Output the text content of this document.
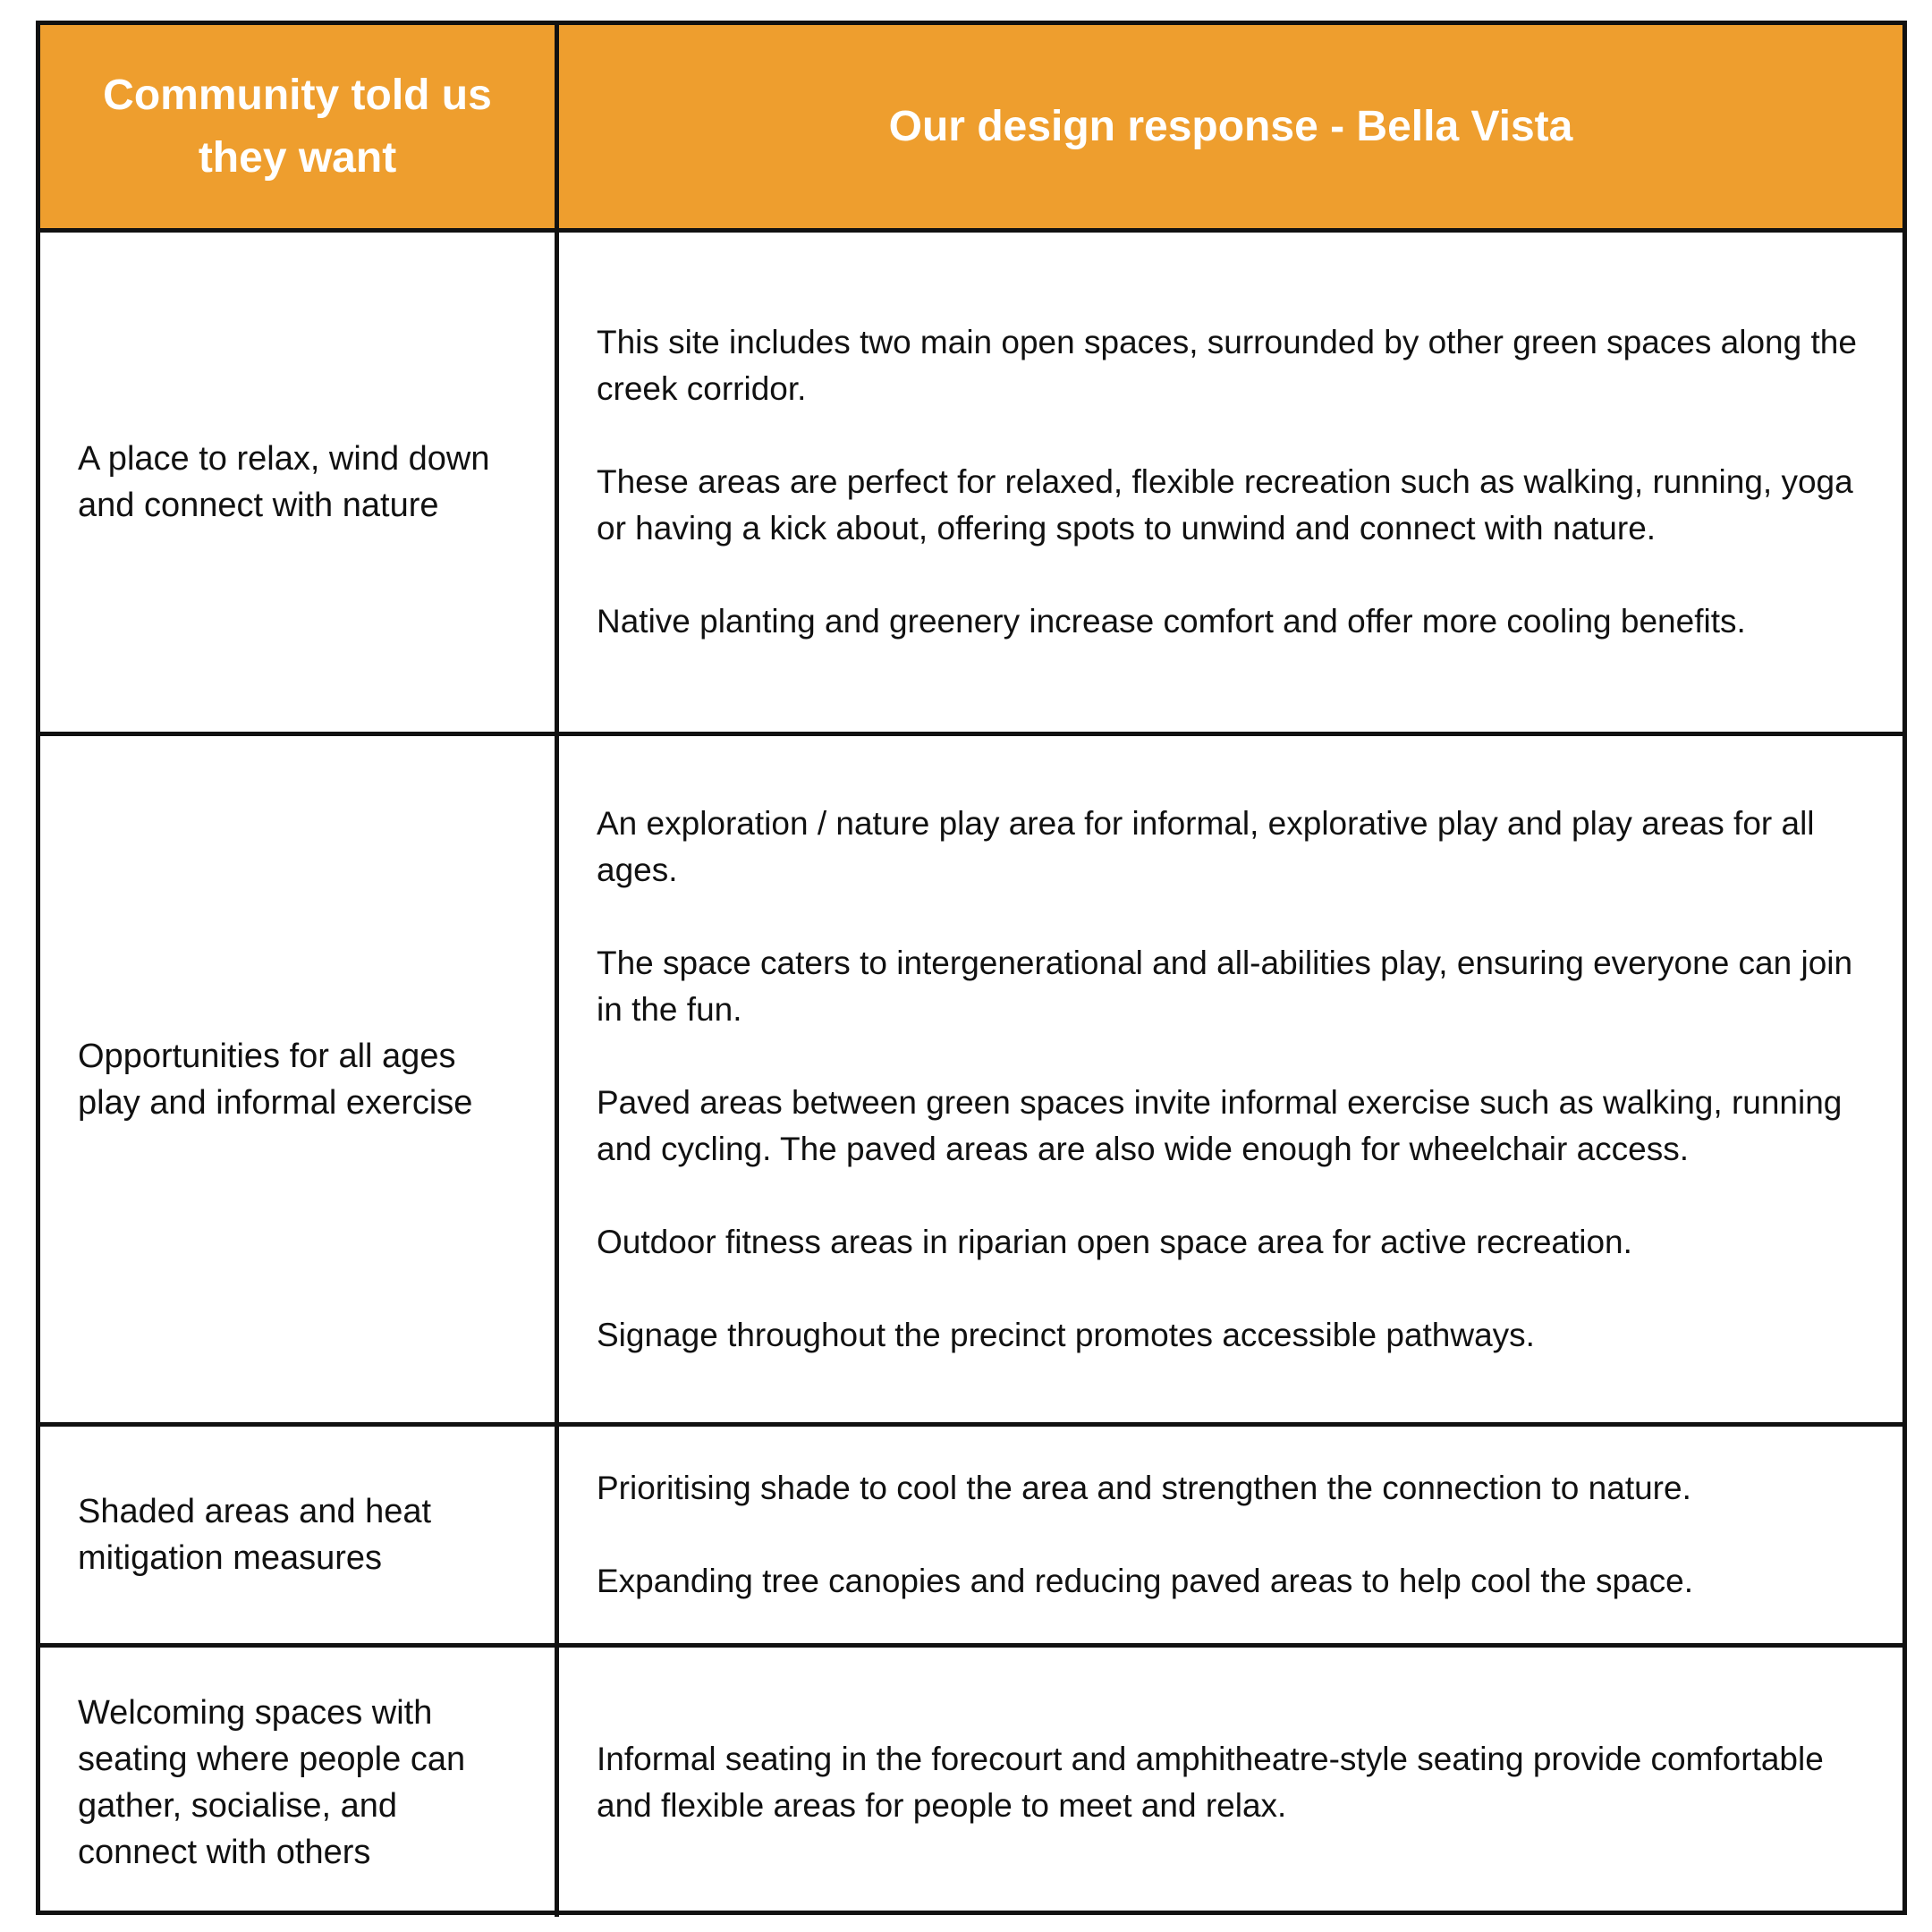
Community told us they want
Our design response - Bella Vista

A place to relax, wind down and connect with nature

This site includes two main open spaces, surrounded by other green spaces along the creek corridor.

These areas are perfect for relaxed, flexible recreation such as walking, running, yoga or having a kick about, offering spots to unwind and connect with nature.

Native planting and greenery increase comfort and offer more cooling benefits.

Opportunities for all ages play and informal exercise

An exploration / nature play area for informal, explorative play and play areas for all ages.

The space caters to intergenerational and all-abilities play, ensuring everyone can join in the fun.

Paved areas between green spaces invite informal exercise such as walking, running and cycling. The paved areas are also wide enough for wheelchair access.

Outdoor fitness areas in riparian open space area for active recreation.

Signage throughout the precinct promotes accessible pathways.

Shaded areas and heat mitigation measures

Prioritising shade to cool the area and strengthen the connection to nature.

Expanding tree canopies and reducing paved areas to help cool the space.

Welcoming spaces with seating where people can gather, socialise, and connect with others

Informal seating in the forecourt and amphitheatre-style seating provide comfortable and flexible areas for people to meet and relax.
